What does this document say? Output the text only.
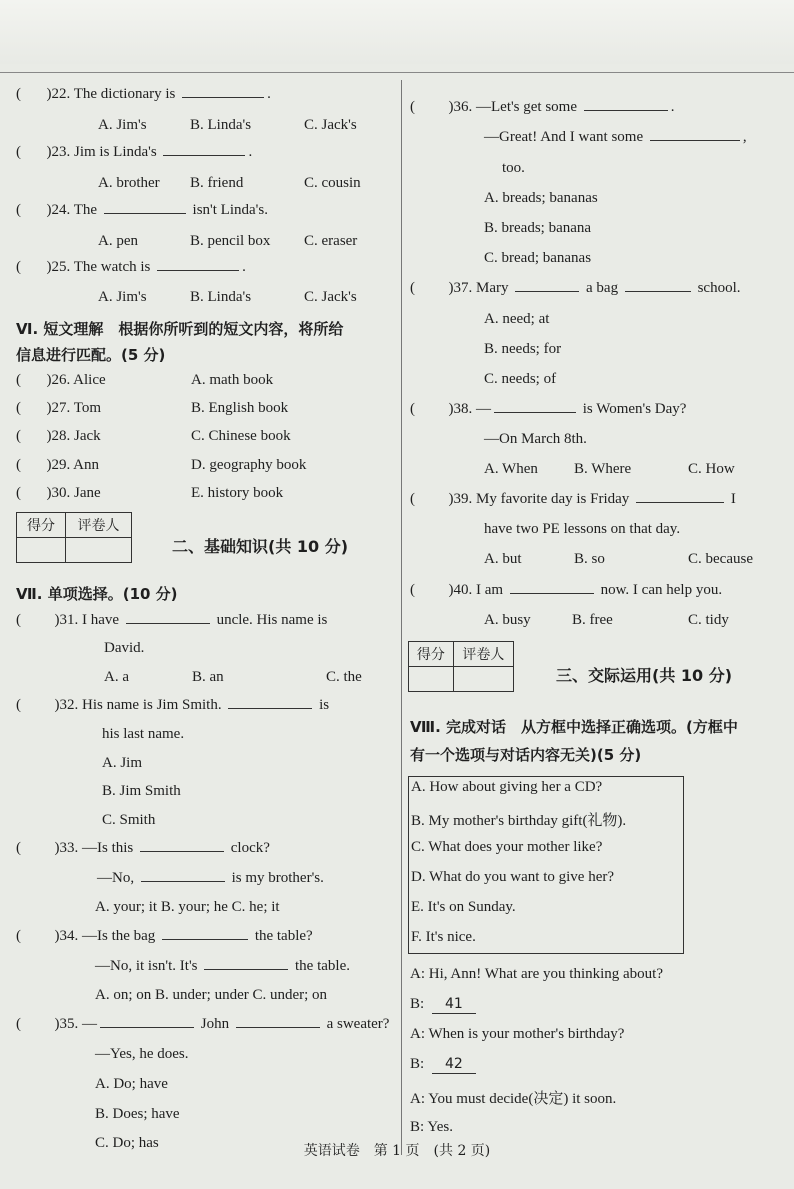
( )22. The dictionary is	.
A. Jim's	B. Linda's	C. Jack's
( )23. Jim is Linda's	.
A. brother B. friend	C. cousin
( )24. The	isn't Linda's.
A. pen	B. pencil box C. eraser
( )25. The watch is	.
A. Jim's	B. Linda's	C. Jack's
Ⅵ. 短文理解　根据你所听到的短文内容，将所给
信息进行匹配。(5 分)
( )26. Alice	A. math book
( )27. Tom	B. English book
( )28. Jack	C. Chinese book
( )29. Ann	D. geography book
( )30. Jane	E. history book
得分	评卷人

二、基础知识(共 10 分)
Ⅶ. 单项选择。(10 分)
( )31. I have	uncle. His name is
David.
A. a	B. an	C. the
( )32. His name is Jim Smith.	is
his last name.
A. Jim
B. Jim Smith
C. Smith
( )33. —Is this	clock?
—No,	is my brother's.
A. your; it B. your; he C. he; it
( )34. —Is the bag	the table?
—No, it isn't. It's	the table.
A. on; on B. under; under C. under; on
( )35. —	John	a sweater?
—Yes, he does.
A. Do; have
B. Does; have
C. Do; has
( )36. —Let's get some	.
—Great! And I want some	,
too.
A. breads; bananas
B. breads; banana
C. bread; bananas
( )37. Mary	a bag	school.
A. need; at
B. needs; for
C. needs; of
( )38. —	is Women's Day?
—On March 8th.
A. When B. Where	C. How
( )39. My favorite day is Friday	I
have two PE lessons on that day.
A. but	B. so	C. because
( )40. I am	now. I can help you.
A. busy	B. free	C. tidy
得分	评卷人

三、交际运用(共 10 分)
Ⅷ. 完成对话　从方框中选择正确选项。(方框中
有一个选项与对话内容无关)(5 分)
A. How about giving her a CD?
B. My mother's birthday gift(礼物).
C. What does your mother like?
D. What do you want to give her?
E. It's on Sunday.
F. It's nice.
A: Hi, Ann! What are you thinking about?
B: 41
A: When is your mother's birthday?
B: 42
A: You must decide(决定) it soon.
B: Yes.
英语试卷　第 1 页　(共 2 页)
